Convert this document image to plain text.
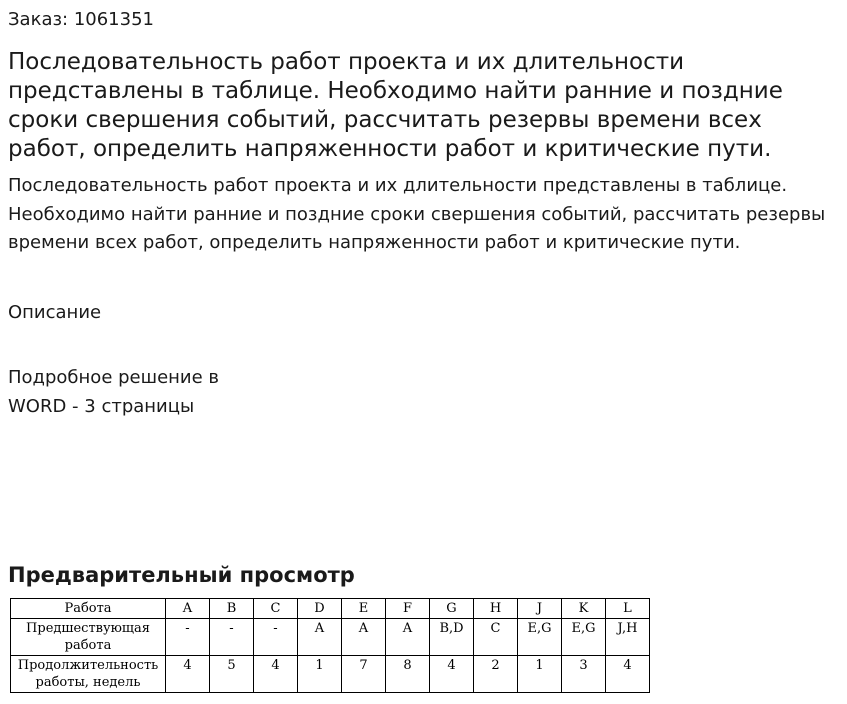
Заказ: 1061351
Последовательность работ проекта и их длительности представлены в таблице. Необходимо найти ранние и поздние сроки свершения событий, рассчитать резервы времени всех работ, определить напряженности работ и критические пути.

Последовательность работ проекта и их длительности представлены в таблице. Необходимо найти ранние и поздние сроки свершения событий, рассчитать резервы времени всех работ, определить напряженности работ и критические пути.

Описание
Подробное решение в WORD - 3 страницы
Предварительный просмотр
Работа	A	B	C	D	E	F	G	H	J	K	L
Предшествующая работа	-	-	-	A	A	A	B,D	C	E,G	E,G	J,H
Продолжительность работы, недель	4	5	4	1	7	8	4	2	1	3	4
